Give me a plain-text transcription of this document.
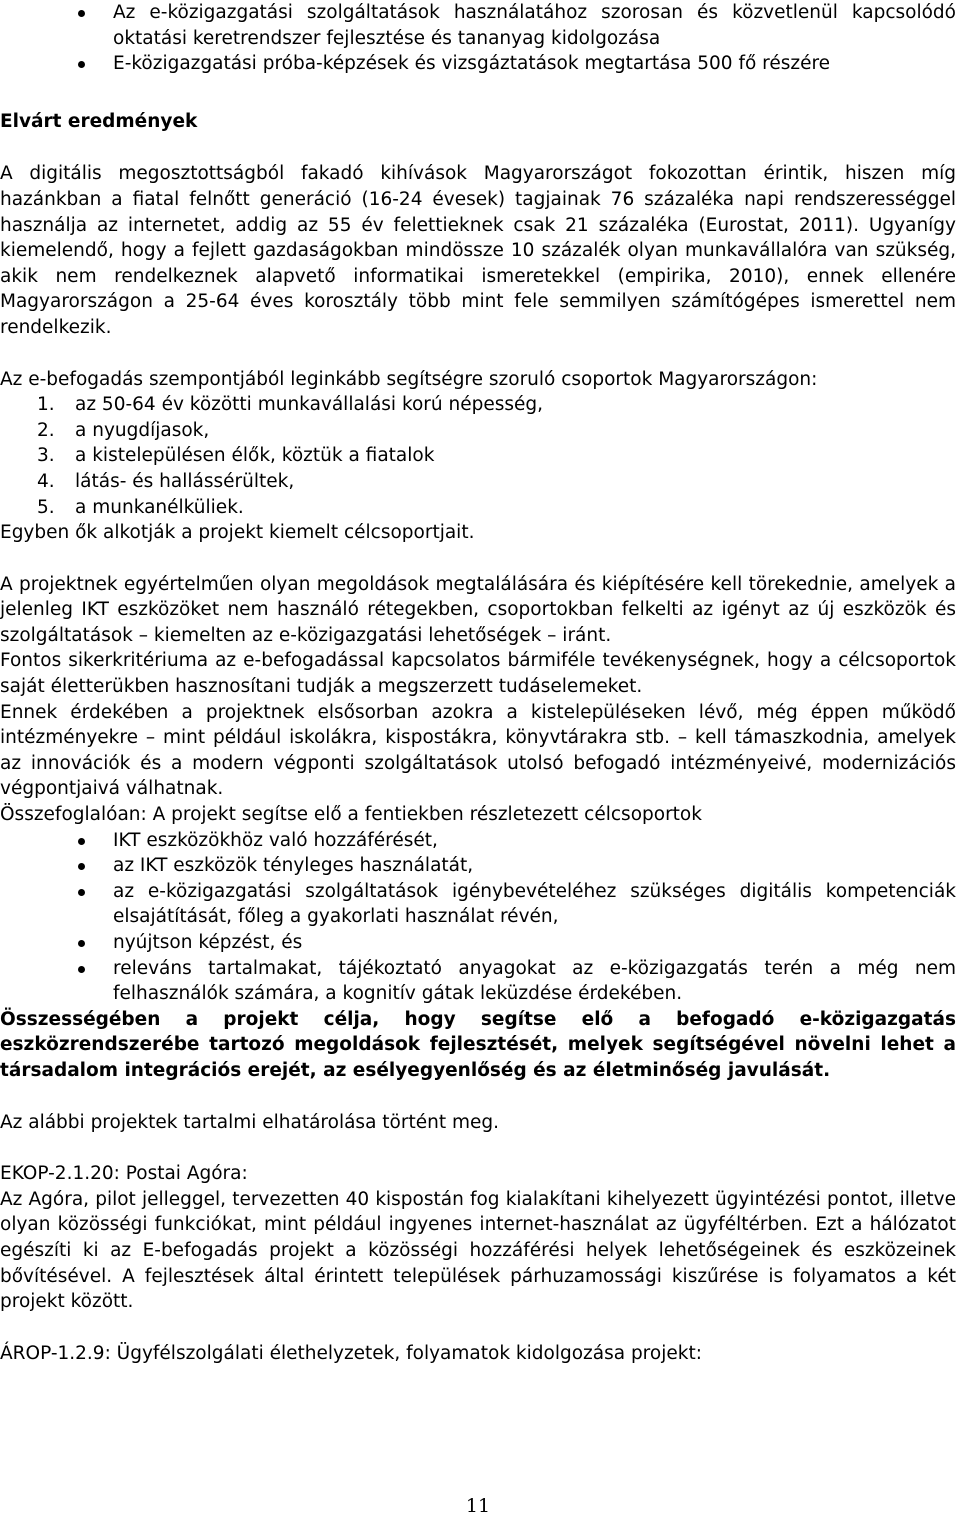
Az e-közigazgatási szolgáltatások használatához szorosan és közvetlenül kapcsolódó oktatási keretrendszer fejlesztése és tananyag kidolgozása
E-közigazgatási próba-képzések és vizsgáztatások megtartása 500 fő részére

Elvárt eredmények

A digitális megosztottságból fakadó kihívások Magyarországot fokozottan érintik, hiszen míg hazánkban a fiatal felnőtt generáció (16-24 évesek) tagjainak 76 százaléka napi rendszerességgel használja az internetet, addig az 55 év felettieknek csak 21 százaléka (Eurostat, 2011). Ugyanígy kiemelendő, hogy a fejlett gazdaságokban mindössze 10 százalék olyan munkavállalóra van szükség, akik nem rendelkeznek alapvető informatikai ismeretekkel (empirika, 2010), ennek ellenére Magyarországon a 25-64 éves korosztály több mint fele semmilyen számítógépes ismerettel nem rendelkezik.

Az e-befogadás szempontjából leginkább segítségre szoruló csoportok Magyarországon:

1. az 50-64 év közötti munkavállalási korú népesség,
2. a nyugdíjasok,
3. a kistelepülésen élők, köztük a fiatalok
4. látás- és hallássérültek,
5. a munkanélküliek.

Egyben ők alkotják a projekt kiemelt célcsoportjait.

A projektnek egyértelműen olyan megoldások megtalálására és kiépítésére kell törekednie, amelyek a jelenleg IKT eszközöket nem használó rétegekben, csoportokban felkelti az igényt az új eszközök és szolgáltatások – kiemelten az e-közigazgatási lehetőségek – iránt.

Fontos sikerkritériuma az e-befogadással kapcsolatos bármiféle tevékenységnek, hogy a célcsoportok saját életterükben hasznosítani tudják a megszerzett tudáselemeket.

Ennek érdekében a projektnek elsősorban azokra a kistelepüléseken lévő, még éppen működő intézményekre – mint például iskolákra, kispostákra, könyvtárakra stb. – kell támaszkodnia, amelyek az innovációk és a modern végponti szolgáltatások utolsó befogadó intézményeivé, modernizációs végpontjaivá válhatnak.

Összefoglalóan: A projekt segítse elő a fentiekben részletezett célcsoportok

IKT eszközökhöz való hozzáférését,
az IKT eszközök tényleges használatát,
az e-közigazgatási szolgáltatások igénybevételéhez szükséges digitális kompetenciák elsajátítását, főleg a gyakorlati használat révén,
nyújtson képzést, és
releváns tartalmakat, tájékoztató anyagokat az e-közigazgatás terén a még nem felhasználók számára, a kognitív gátak leküzdése érdekében.

Összességében a projekt célja, hogy segítse elő a befogadó e-közigazgatás eszközrendszerébe tartozó megoldások fejlesztését, melyek segítségével növelni lehet a társadalom integrációs erejét, az esélyegyenlőség és az életminőség javulását.

Az alábbi projektek tartalmi elhatárolása történt meg.

EKOP-2.1.20: Postai Agóra:

Az Agóra, pilot jelleggel, tervezetten 40 kispostán fog kialakítani kihelyezett ügyintézési pontot, illetve olyan közösségi funkciókat, mint például ingyenes internet-használat az ügyféltérben. Ezt a hálózatot egészíti ki az E-befogadás projekt a közösségi hozzáférési helyek lehetőségeinek és eszközeinek bővítésével. A fejlesztések által érintett települések párhuzamossági kiszűrése is folyamatos a két projekt között.

ÁROP-1.2.9: Ügyfélszolgálati élethelyzetek, folyamatok kidolgozása projekt:

11
